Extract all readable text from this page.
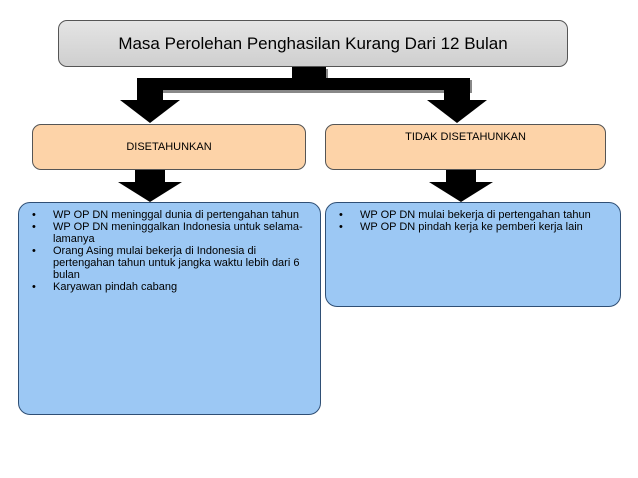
Masa Perolehan Penghasilan Kurang Dari 12 Bulan
DISETAHUNKAN
TIDAK DISETAHUNKAN
• WP OP DN meninggal dunia di pertengahan tahun
• WP OP DN meninggalkan Indonesia untuk selama-lamanya
• Orang Asing mulai bekerja di Indonesia di pertengahan tahun untuk jangka waktu lebih dari 6 bulan
• Karyawan pindah cabang
• WP OP DN mulai bekerja di pertengahan tahun
• WP OP DN pindah kerja ke pemberi kerja lain
